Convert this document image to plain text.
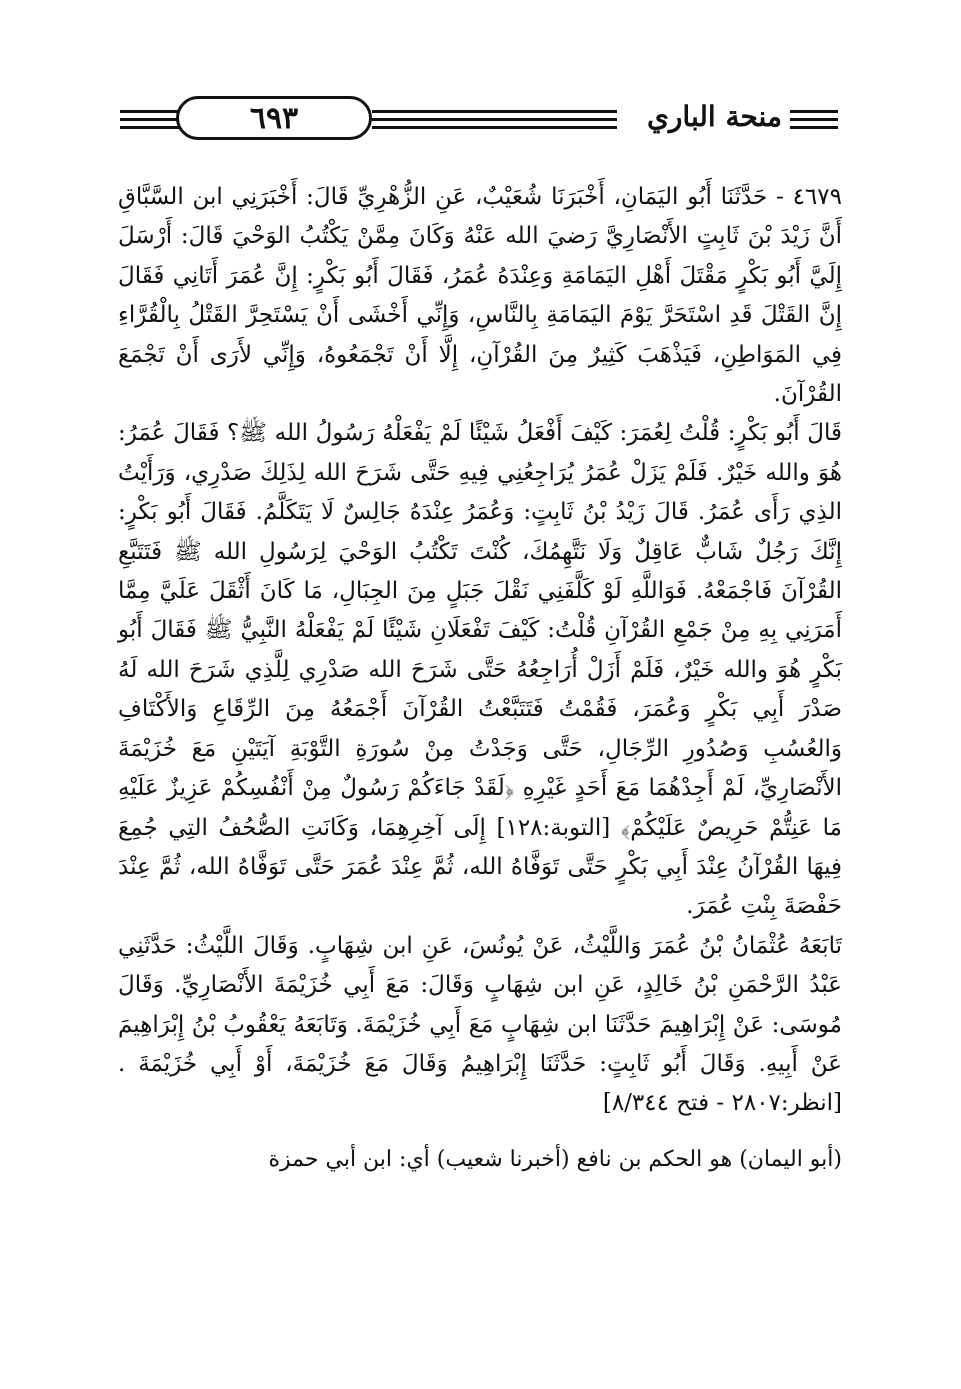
٦٩٣	منحة الباري

٤٦٧٩ - حَدَّثَنَا أَبُو اليَمَانِ، أَخْبَرَنَا شُعَيْبٌ، عَنِ الزُّهْرِيِّ قَالَ: أَخْبَرَنِي ابن السَّبَّاقِ أَنَّ زَيْدَ بْنَ ثَابِتٍ الأَنْصَارِيَّ رَضيَ الله عَنْهُ وَكَانَ مِمَّنْ يَكْتُبُ الوَحْيَ قَالَ: أَرْسَلَ إِلَيَّ أَبُو بَكْرٍ مَقْتَلَ أَهْلِ اليَمَامَةِ وَعِنْدَهُ عُمَرُ، فَقَالَ أَبُو بَكْرٍ: إِنَّ عُمَرَ أَتَانِي فَقَالَ إِنَّ القَتْلَ قَدِ اسْتَحَرَّ يَوْمَ اليَمَامَةِ بِالنَّاسِ، وَإِنِّي أَخْشَى أَنْ يَسْتَحِرَّ القَتْلُ بِالْقُرَّاءِ فِي المَوَاطِنِ، فَيَذْهَبَ كَثِيرٌ مِنَ القُرْآنِ، إِلَّا أَنْ تَجْمَعُوهُ، وَإِنِّي لأَرَى أَنْ تَجْمَعَ القُرْآنَ.

قَالَ أَبُو بَكْرٍ: قُلْتُ لِعُمَرَ: كَيْفَ أَفْعَلُ شَيْئًا لَمْ يَفْعَلْهُ رَسُولُ الله ﷺ؟ فَقَالَ عُمَرُ: هُوَ والله خَيْرٌ. فَلَمْ يَزَلْ عُمَرُ يُرَاجِعُنِي فِيهِ حَتَّى شَرَحَ الله لِذَلِكَ صَدْرِي، وَرَأَيْتُ الذِي رَأَى عُمَرُ. قَالَ زَيْدُ بْنُ ثَابِتٍ: وَعُمَرُ عِنْدَهُ جَالِسٌ لَا يَتَكَلَّمُ. فَقَالَ أَبُو بَكْرٍ: إِنَّكَ رَجُلٌ شَابٌّ عَاقِلٌ وَلَا نَتَّهِمُكَ، كُنْتَ تَكْتُبُ الوَحْيَ لِرَسُولِ الله ﷺ فَتَتَبَّعِ القُرْآنَ فَاجْمَعْهُ. فَوَاللَّهِ لَوْ كَلَّفَنِي نَقْلَ جَبَلٍ مِنَ الجِبَالِ، مَا كَانَ أَثْقَلَ عَلَيَّ مِمَّا أَمَرَنِي بِهِ مِنْ جَمْعِ القُرْآنِ قُلْتُ: كَيْفَ تَفْعَلَانِ شَيْئًا لَمْ يَفْعَلْهُ النَّبِيُّ ﷺ فَقَالَ أَبُو بَكْرٍ هُوَ والله خَيْرٌ، فَلَمْ أَزَلْ أُرَاجِعُهُ حَتَّى شَرَحَ الله صَدْرِي لِلَّذِي شَرَحَ الله لَهُ صَدْرَ أَبِي بَكْرٍ وَعُمَرَ، فَقُمْتُ فَتَتَبَّعْتُ القُرْآنَ أَجْمَعُهُ مِنَ الرِّقَاعِ وَالأَكْتَافِ وَالعُسُبِ وَصُدُورِ الرِّجَالِ، حَتَّى وَجَدْتُ مِنْ سُورَةِ التَّوْبَةِ آيَتَيْنِ مَعَ خُزَيْمَةَ الأَنْصَارِيِّ، لَمْ أَجِدْهُمَا مَعَ أَحَدٍ غَيْرِهِ ﴿لَقَدْ جَاءَكُمْ رَسُولٌ مِنْ أَنْفُسِكُمْ عَزِيزٌ عَلَيْهِ مَا عَنِتُّمْ حَرِيصٌ عَلَيْكُمْ﴾ [التوبة:١٢٨] إِلَى آخِرِهِمَا، وَكَانَتِ الصُّحُفُ التِي جُمِعَ فِيهَا القُرْآنُ عِنْدَ أَبِي بَكْرٍ حَتَّى تَوَفَّاهُ الله، ثُمَّ عِنْدَ عُمَرَ حَتَّى تَوَفَّاهُ الله، ثُمَّ عِنْدَ حَفْصَةَ بِنْتِ عُمَرَ.

تَابَعَهُ عُثْمَانُ بْنُ عُمَرَ وَاللَّيْثُ، عَنْ يُونُسَ، عَنِ ابن شِهَابٍ. وَقَالَ اللَّيْثُ: حَدَّثَنِي عَبْدُ الرَّحْمَنِ بْنُ خَالِدٍ، عَنِ ابن شِهَابٍ وَقَالَ: مَعَ أَبِي خُزَيْمَةَ الأَنْصَارِيِّ. وَقَالَ مُوسَى: عَنْ إِبْرَاهِيمَ حَدَّثَنَا ابن شِهَابٍ مَعَ أَبِي خُزَيْمَةَ. وَتَابَعَهُ يَعْقُوبُ بْنُ إِبْرَاهِيمَ عَنْ أَبِيهِ. وَقَالَ أَبُو ثَابِتٍ: حَدَّثَنَا إِبْرَاهِيمُ وَقَالَ مَعَ خُزَيْمَةَ، أَوْ أَبِي خُزَيْمَةَ .[انظر:٢٨٠٧ - فتح ٨/٣٤٤]

(أبو اليمان) هو الحكم بن نافع (أخبرنا شعيب) أي: ابن أبي حمزة
